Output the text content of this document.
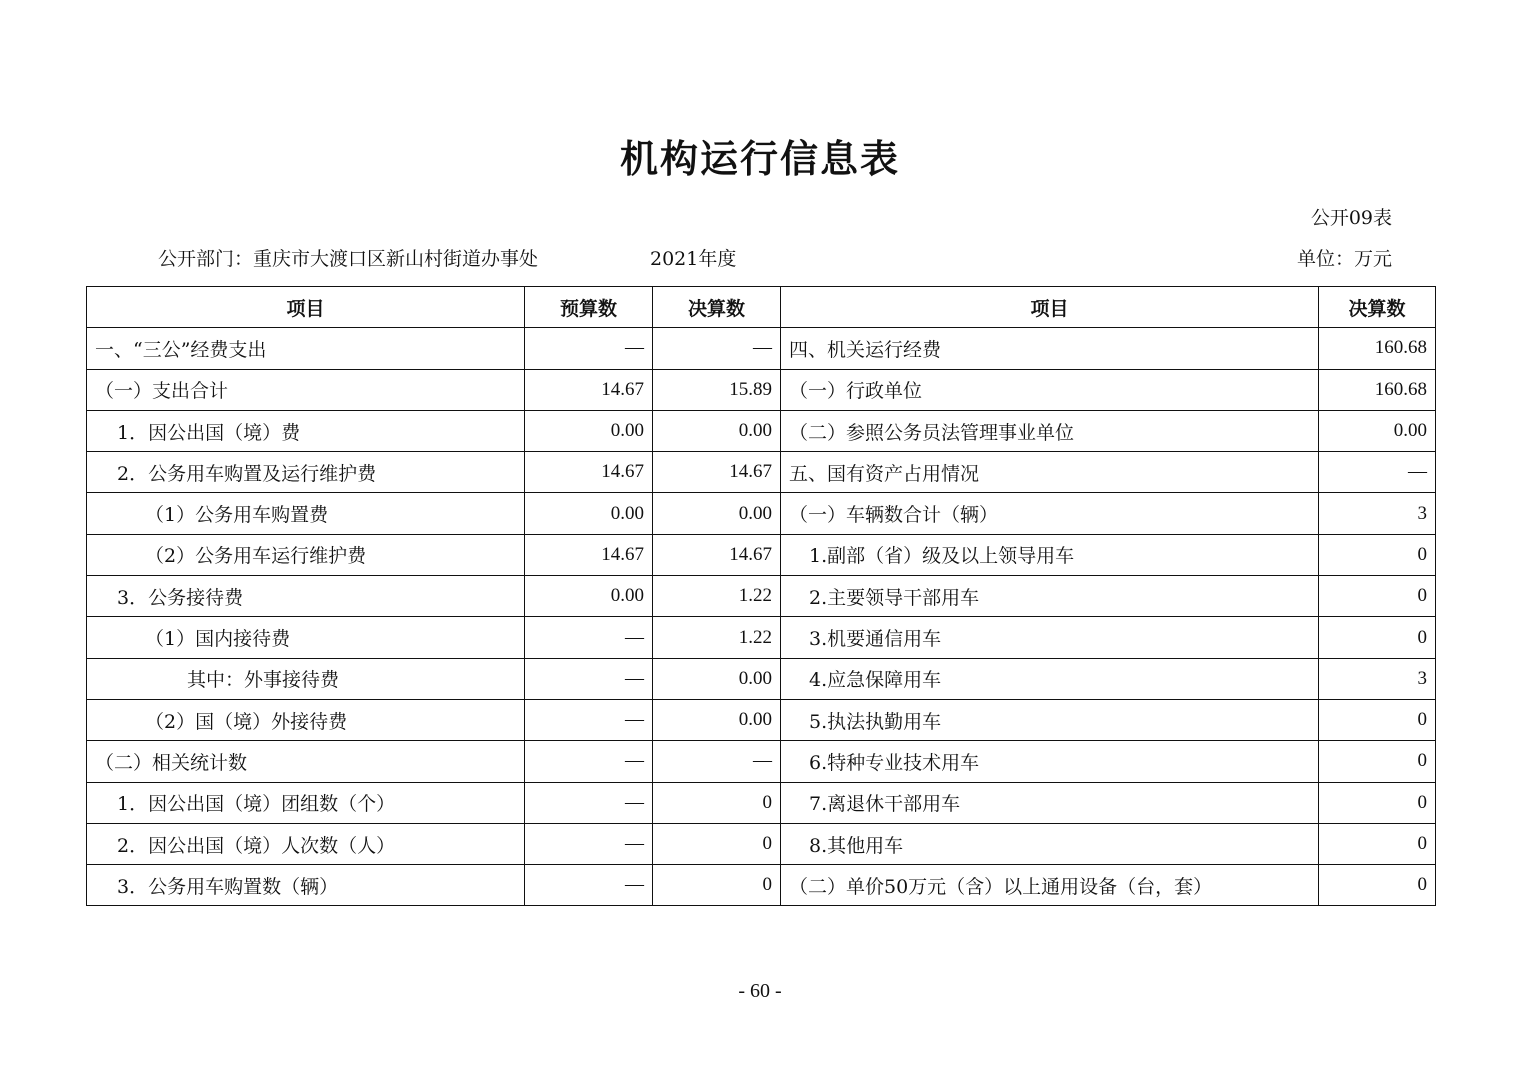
机构运行信息表
公开09表
公开部门：重庆市大渡口区新山村街道办事处	2021年度	单位：万元
项目	预算数	决算数	项目	决算数
一、“三公”经费支出	—	—	四、机关运行经费	160.68
（一）支出合计	14.67	15.89	（一）行政单位	160.68
1．因公出国（境）费	0.00	0.00	（二）参照公务员法管理事业单位	0.00
2．公务用车购置及运行维护费	14.67	14.67	五、国有资产占用情况	—
（1）公务用车购置费	0.00	0.00	（一）车辆数合计（辆）	3
（2）公务用车运行维护费	14.67	14.67	1.副部（省）级及以上领导用车	0
3．公务接待费	0.00	1.22	2.主要领导干部用车	0
（1）国内接待费	—	1.22	3.机要通信用车	0
其中：外事接待费	—	0.00	4.应急保障用车	3
（2）国（境）外接待费	—	0.00	5.执法执勤用车	0
（二）相关统计数	—	—	6.特种专业技术用车	0
1．因公出国（境）团组数（个）	—	0	7.离退休干部用车	0
2．因公出国（境）人次数（人）	—	0	8.其他用车	0
3．公务用车购置数（辆）	—	0	（二）单价50万元（含）以上通用设备（台，套）	0
- 60 -
